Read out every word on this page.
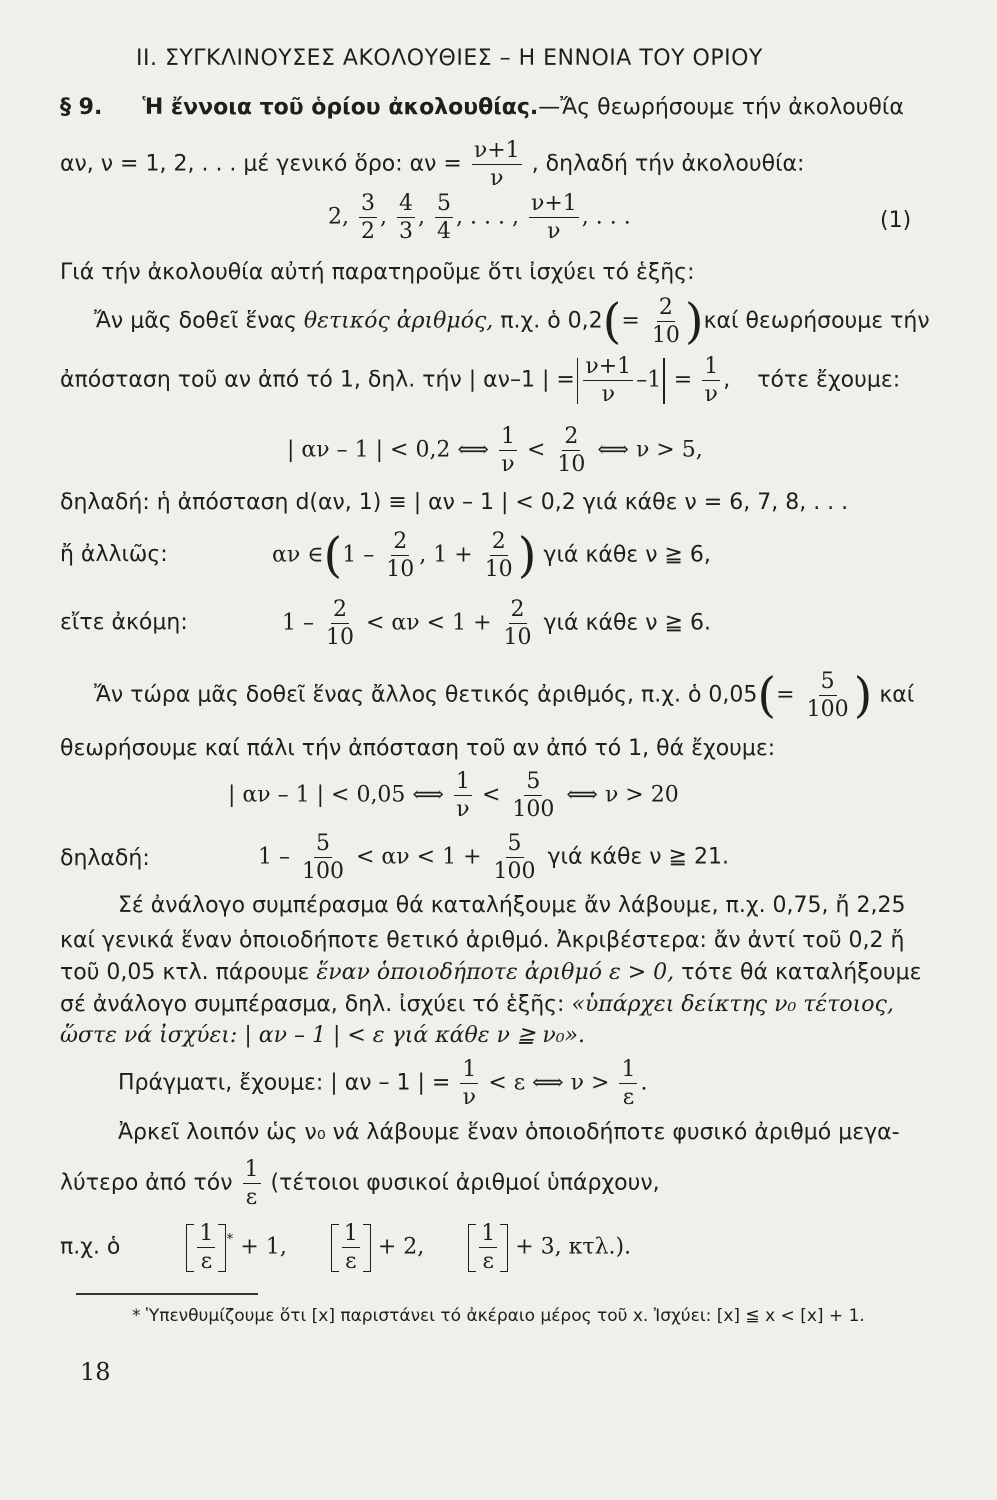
II. ΣΥΓΚΛΙΝΟΥΣΕΣ ΑΚΟΛΟΥΘΙΕΣ – Η ΕΝΝΟΙΑ ΤΟΥ ΟΡΙΟΥ
§ 9. Ἡ ἔννοια τοῦ ὁρίου ἀκολουθίας.—Ἄς θεωρήσουμε τήν ἀκολουθία
αν, ν = 1, 2, . . . μέ γενικό ὅρο: $\alpha\nu = \frac{\nu+1}{\nu}$ , δηλαδή τήν ἀκολουθία:
2, $\frac{3}{2}$ , $\frac{4}{3}$ , $\frac{5}{4}$ , . . . , $\frac{\nu+1}{\nu}$ , . . .	(1)
Γιά τήν ἀκολουθία αὐτή παρατηροῦμε ὅτι ἰσχύει τό ἑξῆς:
Ἄν μᾶς δοθεῖ ἕνας θετικός ἀριθμός, π.χ. ὁ $0,2(= \frac{2}{10} )\kappa\alpha ί$ θεωρήσουμε τήν
ἀπόσταση τοῦ αν ἀπό τό 1, δηλ. τήν | αν–1 | = $\frac{\nu+1}{\nu} -1 = \frac{1}{\nu}$ , τότε ἔχουμε:
| αν – 1 | < 0,2 ⟺ $\frac{1}{\nu} < \frac{2}{10}$ ⟺ ν > 5,
δηλαδή: ἡ ἀπόσταση d(αν, 1) ≡ | αν – 1 | < 0,2 γιά κάθε ν = 6, 7, 8, . . .
ἤ ἀλλιῶς:	αν ∈(1 – $\frac{2}{10}$ , $1 + \frac{2}{10}$ ) γιά κάθε ν ≧ 6,
εἴτε ἀκόμη:	$1 - \frac{2}{10} < \alpha\nu < 1 + \frac{2}{10}$ γιά κάθε ν ≧ 6.
Ἄν τώρα μᾶς δοθεῖ ἕνας ἄλλος θετικός ἀριθμός, π.χ. ὁ $0,05(= \frac{5}{100}$ ) καί
θεωρήσουμε καί πάλι τήν ἀπόσταση τοῦ αν ἀπό τό 1, θά ἔχουμε:
| αν – 1 | < 0,05 ⟺ $\frac{1}{\nu} < \frac{5}{100}$ ⟺ ν > 20
δηλαδή:	$1 - \frac{5}{100} < \alpha\nu < 1 + \frac{5}{100}$ γιά κάθε ν ≧ 21.
Σέ ἀνάλογο συμπέρασμα θά καταλήξουμε ἄν λάβουμε, π.χ. 0,75, ἤ 2,25
καί γενικά ἕναν ὁποιοδήποτε θετικό ἀριθμό. Ἀκριβέστερα: ἄν ἀντί τοῦ 0,2 ἤ
τοῦ 0,05 κτλ. πάρουμε ἕναν ὁποιοδήποτε ἀριθμό ε > 0, τότε θά καταλήξουμε
σέ ἀνάλογο συμπέρασμα, δηλ. ἰσχύει τό ἑξῆς: «ὑπάρχει δείκτης ν₀ τέτοιος,
ὥστε νά ἰσχύει: | αν – 1 | < ε γιά κάθε ν ≧ ν₀».
Πράγματι, ἔχουμε: | αν – 1 | = $\frac{1}{\nu} < \varepsilon$ ⟺ $\nu > \frac{1}{\varepsilon}$ .
Ἀρκεῖ λοιπόν ὡς ν₀ νά λάβουμε ἕναν ὁποιοδήποτε φυσικό ἀριθμό μεγα-
λύτερο ἀπό τόν $\frac{1}{\varepsilon} (\tau έ\tau o\iota o\iota$ φυσικοί ἀριθμοί ὑπάρχουν,
π.χ. ὁ	$\frac{1}{\varepsilon} ^* + 1$,	$\frac{1}{\varepsilon} + 2$,	$\frac{1}{\varepsilon} + 3$, κτλ.).
* Ὑπενθυμίζουμε ὅτι [x] παριστάνει τό ἀκέραιο μέρος τοῦ x. Ἰσχύει: [x] ≦ x < [x] + 1.
18
